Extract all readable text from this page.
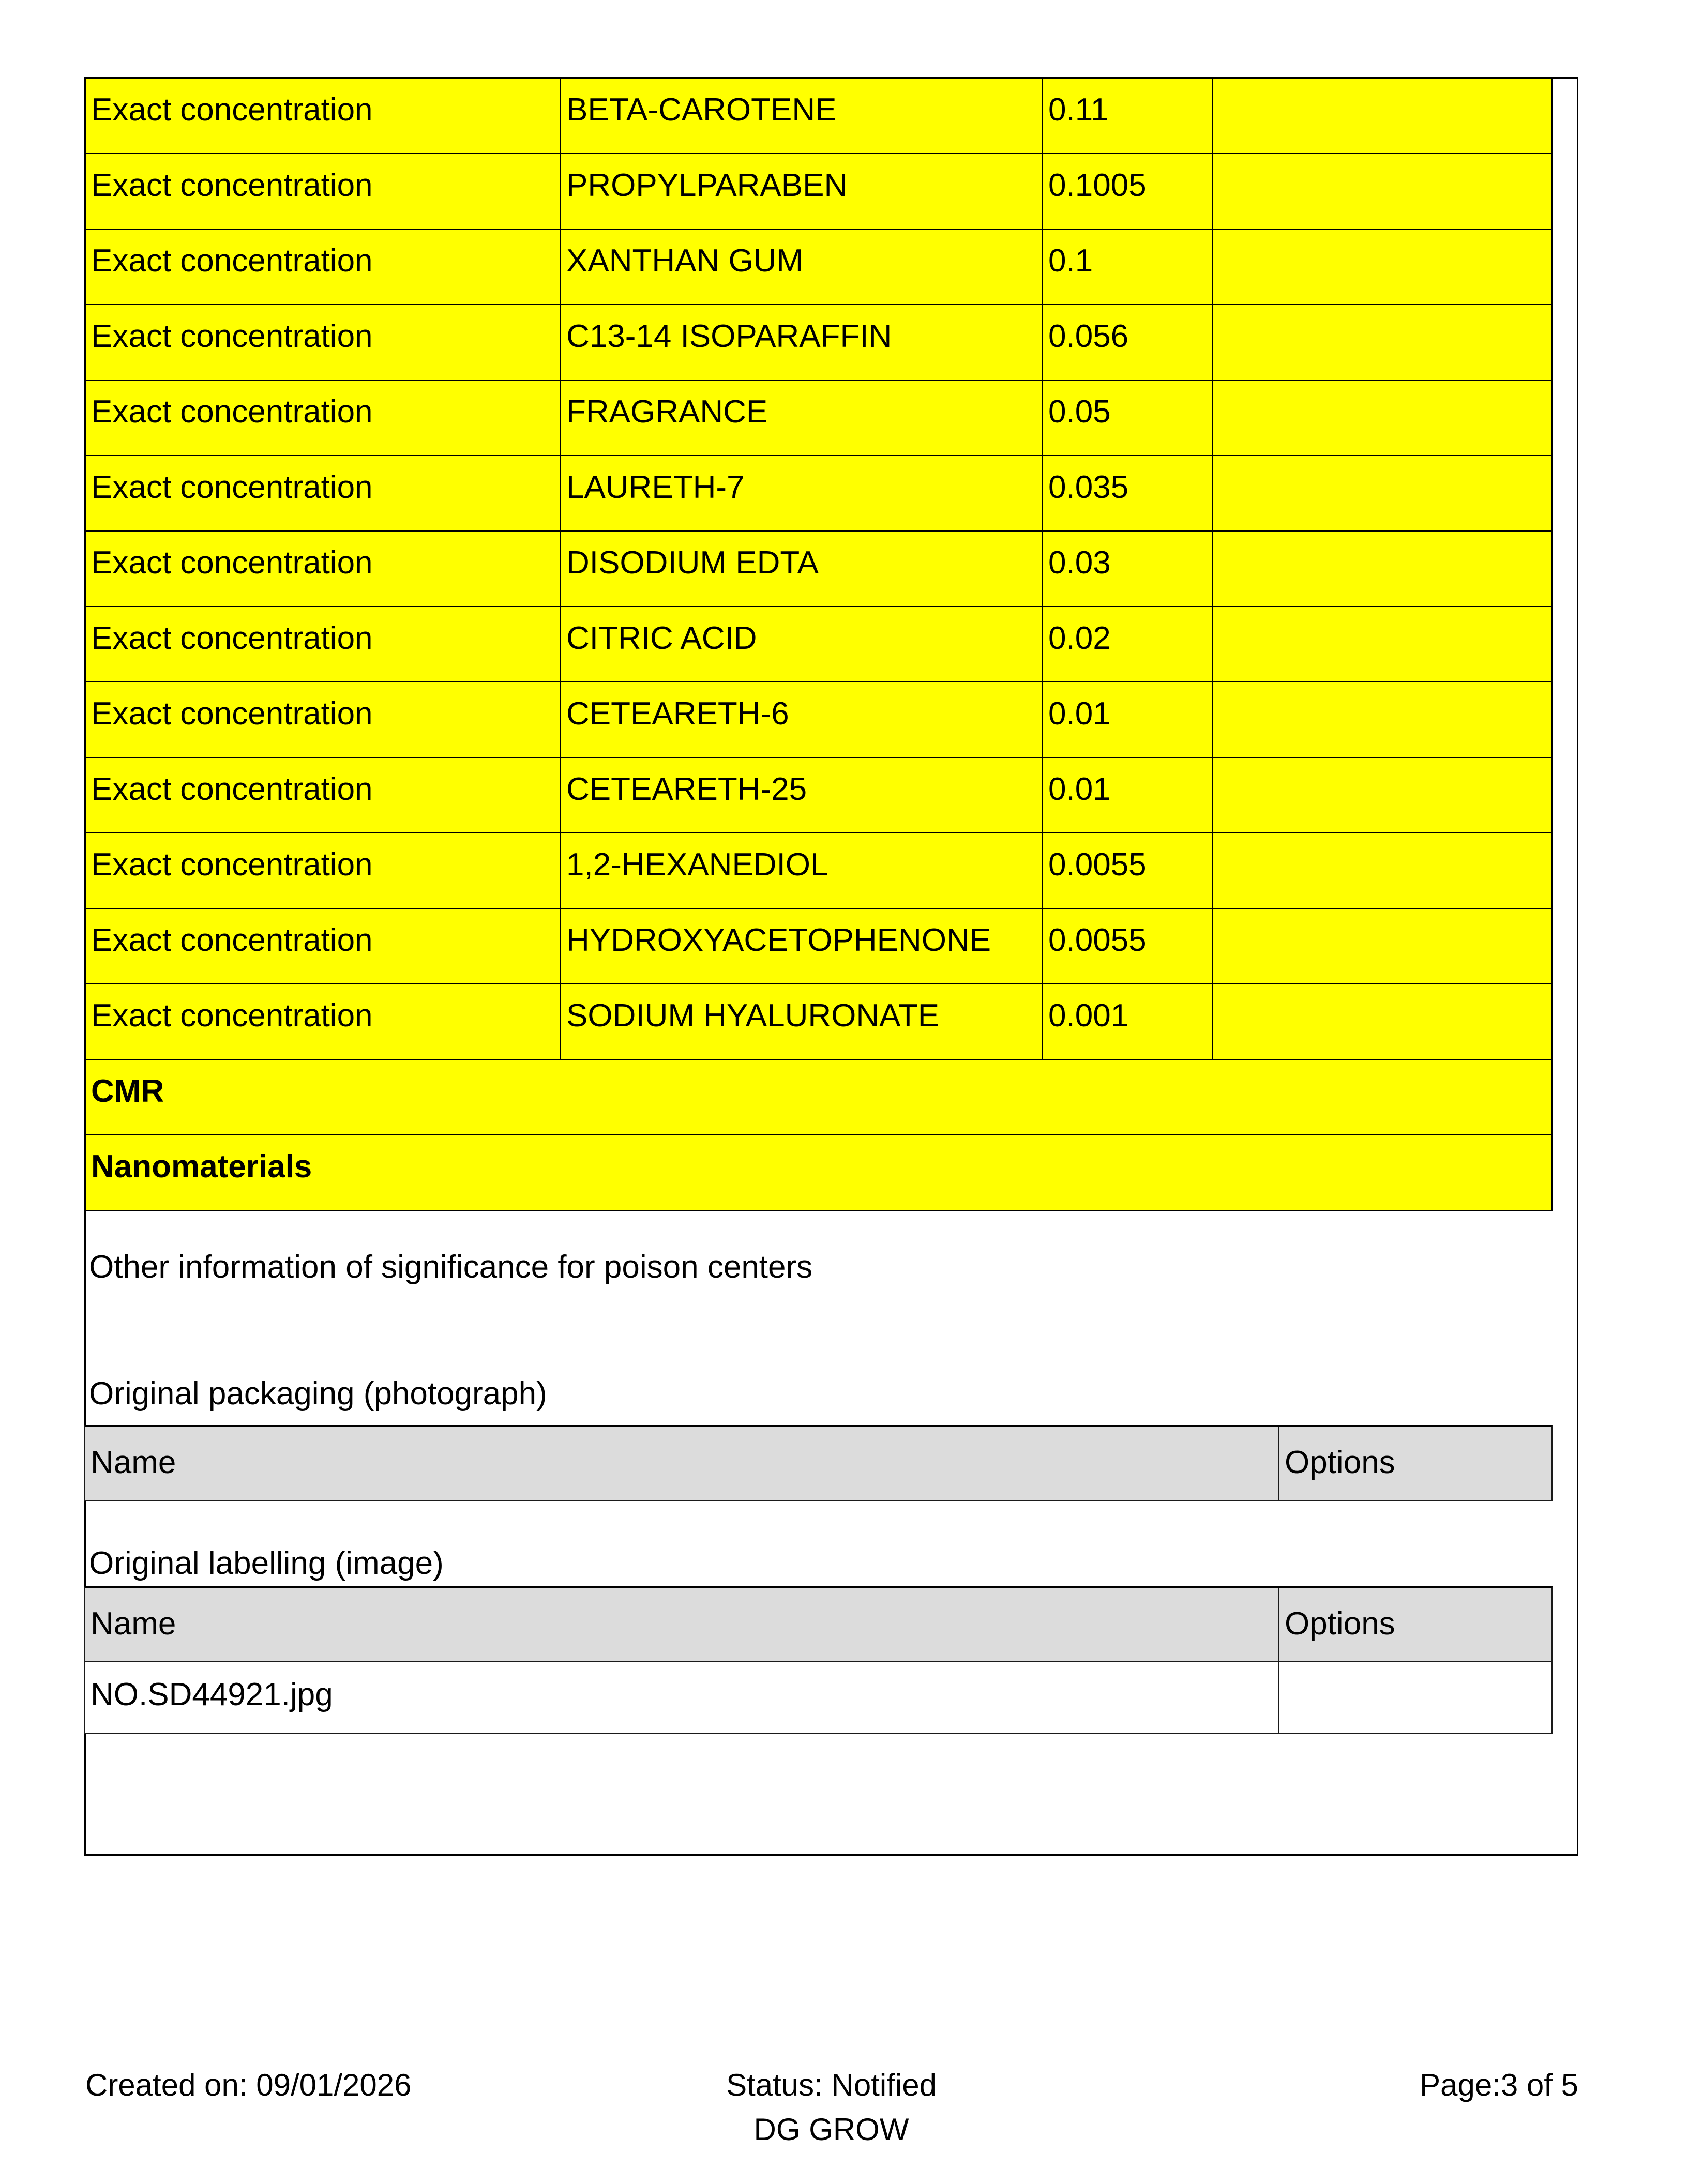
Exact concentration	BETA-CAROTENE	0.11
Exact concentration	PROPYLPARABEN	0.1005
Exact concentration	XANTHAN GUM	0.1
Exact concentration	C13-14 ISOPARAFFIN	0.056
Exact concentration	FRAGRANCE	0.05
Exact concentration	LAURETH-7	0.035
Exact concentration	DISODIUM EDTA	0.03
Exact concentration	CITRIC ACID	0.02
Exact concentration	CETEARETH-6	0.01
Exact concentration	CETEARETH-25	0.01
Exact concentration	1,2-HEXANEDIOL	0.0055
Exact concentration	HYDROXYACETOPHENONE	0.0055
Exact concentration	SODIUM HYALURONATE	0.001
CMR
Nanomaterials
Other information of significance for poison centers
Original packaging (photograph)
Name	Options
Original labelling (image)
Name	Options
NO.SD44921.jpg
Created on: 09/01/2026	Status: Notified	Page:3 of 5
DG GROW
